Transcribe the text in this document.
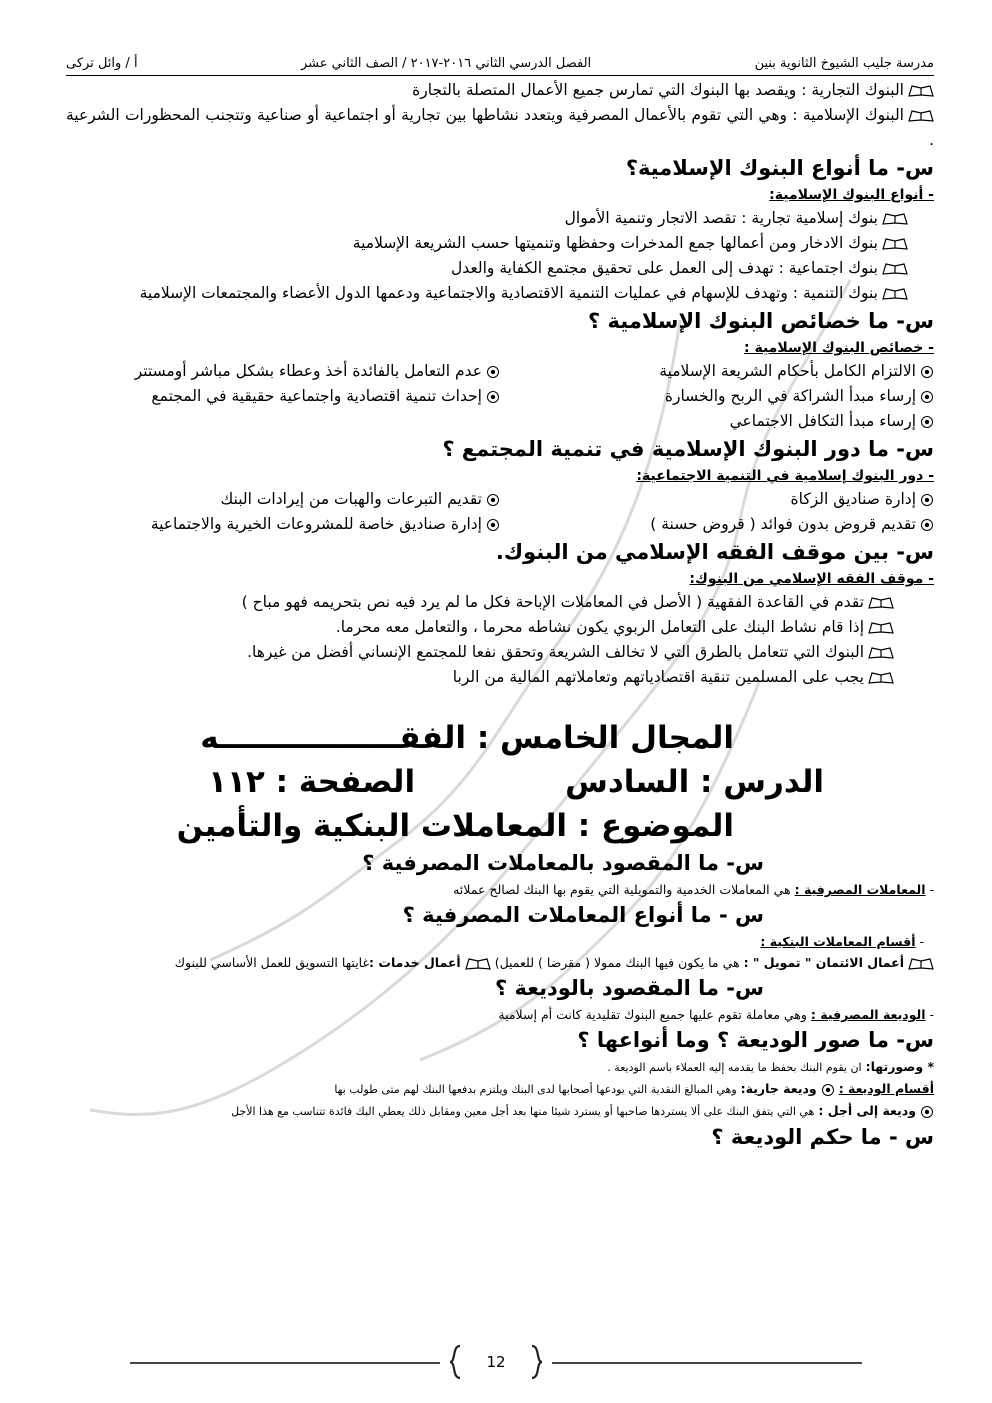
مدرسة جليب الشيوخ الثانوية بنين
الفصل الدرسي الثاني ٢٠١٦-٢٠١٧ / الصف الثاني عشر
أ / وائل تركى
البنوك التجارية : ويقصد بها البنوك التي تمارس جميع الأعمال المتصلة بالتجارة
البنوك الإسلامية : وهي التي تقوم بالأعمال المصرفية ويتعدد نشاطها بين تجارية أو اجتماعية أو صناعية وتتجنب المحظورات الشرعية .
س- ما أنواع البنوك الإسلامية؟
- أنواع البنوك الإسلامية:
بنوك إسلامية تجارية : تقصد الاتجار وتنمية الأموال
بنوك الادخار ومن أعمالها جمع المدخرات وحفظها وتنميتها حسب الشريعة الإسلامية
بنوك اجتماعية : تهدف إلى العمل على تحقيق مجتمع الكفاية والعدل
بنوك التنمية : وتهدف للإسهام في عمليات التنمية الاقتصادية والاجتماعية ودعمها الدول الأعضاء والمجتمعات الإسلامية
س- ما خصائص البنوك الإسلامية ؟
- خصائص البنوك الإسلامية :
الالتزام الكامل بأحكام الشريعة الإسلامية
إرساء مبدأ الشراكة في الربح والخسارة
إرساء مبدأ التكافل الاجتماعي
عدم التعامل بالفائدة أخذ وعطاء بشكل مباشر أومستتر
إحداث تنمية اقتصادية واجتماعية حقيقية في المجتمع
س- ما دور البنوك الإسلامية في تنمية المجتمع ؟
- دور البنوك إسلامية في التنمية الاجتماعية:
إدارة صناديق الزكاة
تقديم قروض بدون فوائد ( قروض حسنة )
تقديم التبرعات والهبات من إيرادات البنك
إدارة صناديق خاصة للمشروعات الخيرية والاجتماعية
س- بين موقف الفقه الإسلامي من البنوك.
- موقف الفقه الإسلامي من البنوك:
تقدم في القاعدة الفقهية ( الأصل في المعاملات الإباحة فكل ما لم يرد فيه نص بتحريمه فهو مباح )
إذا قام نشاط البنك على التعامل الربوي يكون نشاطه محرما ، والتعامل معه محرما.
البنوك التي تتعامل بالطرق التي لا تخالف الشريعة وتحقق نفعا للمجتمع الإنساني أفضل من غيرها.
يجب على المسلمين تنقية اقتصادياتهم وتعاملاتهم المالية من الربا
المجال الخامس : الفقـــــــــــــــــه
الدرس : السادس
الصفحة : ١١٢
الموضوع : المعاملات البنكية والتأمين
س- ما المقصود بالمعاملات المصرفية ؟
- المعاملات المصرفية : هي المعاملات الخدمية والتمويلية التي يقوم بها البنك لصالح عملائه
س - ما أنواع المعاملات المصرفية ؟
- أقسام المعاملات البنكية :
أعمال الائتمان " تمويل " : هي ما يكون فيها البنك ممولا ( مقرضا ) للعميل) أعمال خدمات :غايتها التسويق للعمل الأساسي للبنوك
س- ما المقصود بالوديعة ؟
- الوديعة المصرفية : وهي معاملة تقوم عليها جميع البنوك تقليدية كانت أم إسلامية
س- ما صور الوديعة ؟ وما أنواعها ؟
* وصورتها: ان يقوم البنك بحفظ ما يقدمه إليه العملاء باسم الوديعة .
أقسام الوديعة : وديعة جارية: وهي المبالغ النقدية التي يودعها أصحابها لدى البنك ويلتزم بدفعها البنك لهم متى طولب بها
وديعة إلى أجل : هي التي يتفق البنك على ألا يستردها صاحبها أو يسترد شيئا منها بعد أجل معين ومقابل ذلك يعطي البك فائدة تتناسب مع هذا الأجل
س - ما حكم الوديعة ؟
12
